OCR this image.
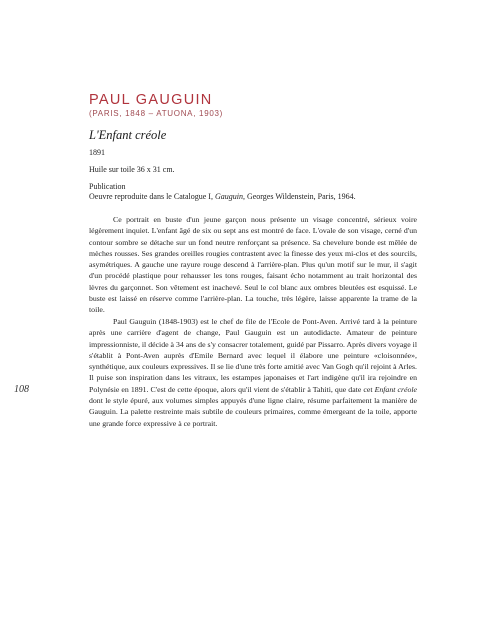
PAUL GAUGUIN
(PARIS, 1848 – ATUONA, 1903)
L'Enfant créole
1891
Huile sur toile 36 x 31 cm.
Publication
Oeuvre reproduite dans le Catalogue I, Gauguin, Georges Wildenstein, Paris, 1964.

Ce portrait en buste d'un jeune garçon nous présente un visage concentré, sérieux voire légèrement inquiet. L'enfant âgé de six ou sept ans est montré de face. L'ovale de son visage, cerné d'un contour sombre se détache sur un fond neutre renforçant sa présence. Sa chevelure bonde est mêlée de mèches rousses. Ses grandes oreilles rougies contrastent avec la finesse des yeux mi-clos et des sourcils, asymétriques. A gauche une rayure rouge descend à l'arrière-plan. Plus qu'un motif sur le mur, il s'agit d'un procédé plastique pour rehausser les tons rouges, faisant écho notamment au trait horizontal des lèvres du garçonnet. Son vêtement est inachevé. Seul le col blanc aux ombres bleutées est esquissé. Le buste est laissé en réserve comme l'arrière-plan. La touche, très légère, laisse apparente la trame de la toile.

Paul Gauguin (1848-1903) est le chef de file de l'Ecole de Pont-Aven. Arrivé tard à la peinture après une carrière d'agent de change, Paul Gauguin est un autodidacte. Amateur de peinture impressionniste, il décide à 34 ans de s'y consacrer totalement, guidé par Pissarro. Après divers voyage il s'établit à Pont-Aven auprès d'Emile Bernard avec lequel il élabore une peinture «cloisonnée», synthétique, aux couleurs expressives. Il se lie d'une très forte amitié avec Van Gogh qu'il rejoint à Arles. Il puise son inspiration dans les vitraux, les estampes japonaises et l'art indigène qu'il ira rejoindre en Polynésie en 1891. C'est de cette époque, alors qu'il vient de s'établir à Tahiti, que date cet Enfant créole dont le style épuré, aux volumes simples appuyés d'une ligne claire, résume parfaitement la manière de Gauguin. La palette restreinte mais subtile de couleurs primaires, comme émergeant de la toile, apporte une grande force expressive à ce portrait.

108
